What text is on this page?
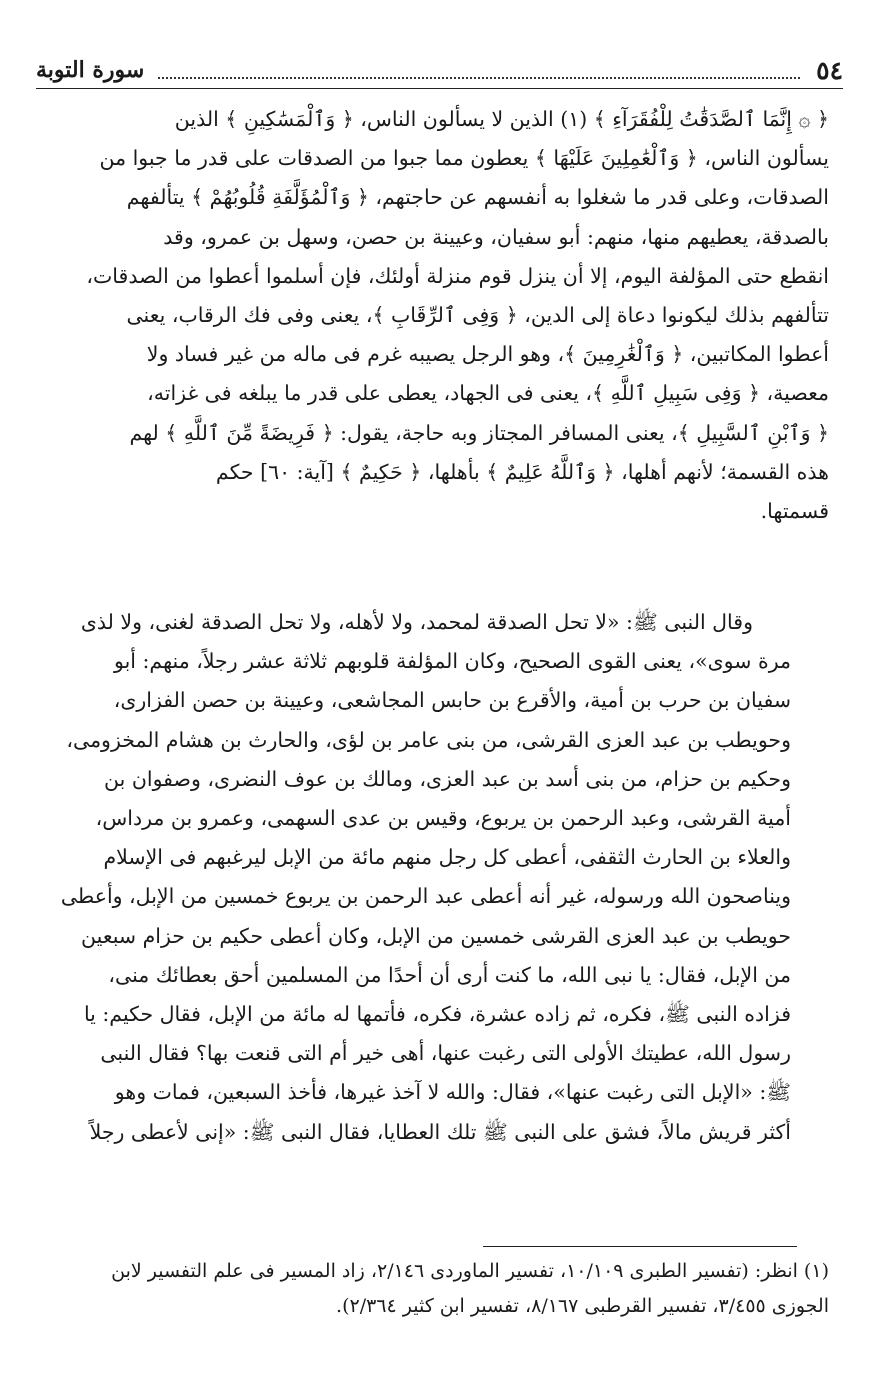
٥٤
سورة التوبة

﴿ ۞ إِنَّمَا ٱلصَّدَقَٰتُ لِلْفُقَرَآءِ ﴾ (١) الذين لا يسألون الناس، ﴿ وَٱلْمَسَٰكِينِ ﴾ الذين
يسألون الناس، ﴿ وَٱلْعَٰمِلِينَ عَلَيْهَا ﴾ يعطون مما جبوا من الصدقات على قدر ما جبوا من
الصدقات، وعلى قدر ما شغلوا به أنفسهم عن حاجتهم، ﴿ وَٱلْمُؤَلَّفَةِ قُلُوبُهُمْ ﴾ يتألفهم
بالصدقة، يعطيهم منها، منهم: أبو سفيان، وعيينة بن حصن، وسهل بن عمرو، وقد
انقطع حتى المؤلفة اليوم، إلا أن ينزل قوم منزلة أولئك، فإن أسلموا أعطوا من الصدقات،
تتألفهم بذلك ليكونوا دعاة إلى الدين، ﴿ وَفِى ٱلرِّقَابِ ﴾، يعنى وفى فك الرقاب، يعنى
أعطوا المكاتبين، ﴿ وَٱلْغَٰرِمِينَ ﴾، وهو الرجل يصيبه غرم فى ماله من غير فساد ولا
معصية، ﴿ وَفِى سَبِيلِ ٱللَّهِ ﴾، يعنى فى الجهاد، يعطى على قدر ما يبلغه فى غزاته،
﴿ وَٱبْنِ ٱلسَّبِيلِ ﴾، يعنى المسافر المجتاز وبه حاجة، يقول: ﴿ فَرِيضَةً مِّنَ ٱللَّهِ ﴾ لهم
هذه القسمة؛ لأنهم أهلها، ﴿ وَٱللَّهُ عَلِيمٌ ﴾ بأهلها، ﴿ حَكِيمٌ ﴾ [آية: ٦٠] حكم
قسمتها.

وقال النبى ﷺ: «لا تحل الصدقة لمحمد، ولا لأهله، ولا تحل الصدقة لغنى، ولا لذى
مرة سوى»، يعنى القوى الصحيح، وكان المؤلفة قلوبهم ثلاثة عشر رجلاً، منهم: أبو
سفيان بن حرب بن أمية، والأقرع بن حابس المجاشعى، وعيينة بن حصن الفزارى،
وحويطب بن عبد العزى القرشى، من بنى عامر بن لؤى، والحارث بن هشام المخزومى،
وحكيم بن حزام، من بنى أسد بن عبد العزى، ومالك بن عوف النضرى، وصفوان بن
أمية القرشى، وعبد الرحمن بن يربوع، وقيس بن عدى السهمى، وعمرو بن مرداس،
والعلاء بن الحارث الثقفى، أعطى كل رجل منهم مائة من الإبل ليرغبهم فى الإسلام
ويناصحون الله ورسوله، غير أنه أعطى عبد الرحمن بن يربوع خمسين من الإبل، وأعطى
حويطب بن عبد العزى القرشى خمسين من الإبل، وكان أعطى حكيم بن حزام سبعين
من الإبل، فقال: يا نبى الله، ما كنت أرى أن أحدًا من المسلمين أحق بعطائك منى،
فزاده النبى ﷺ، فكره، ثم زاده عشرة، فكره، فأتمها له مائة من الإبل، فقال حكيم: يا
رسول الله، عطيتك الأولى التى رغبت عنها، أهى خير أم التى قنعت بها؟ فقال النبى
ﷺ: «الإبل التى رغبت عنها»، فقال: والله لا آخذ غيرها، فأخذ السبعين، فمات وهو
أكثر قريش مالاً، فشق على النبى ﷺ تلك العطايا، فقال النبى ﷺ: «إنى لأعطى رجلاً

(١) انظر: (تفسير الطبرى ١٠/١٠٩، تفسير الماوردى ٢/١٤٦، زاد المسير فى علم التفسير لابن
الجوزى ٣/٤٥٥، تفسير القرطبى ٨/١٦٧، تفسير ابن كثير ٢/٣٦٤).
